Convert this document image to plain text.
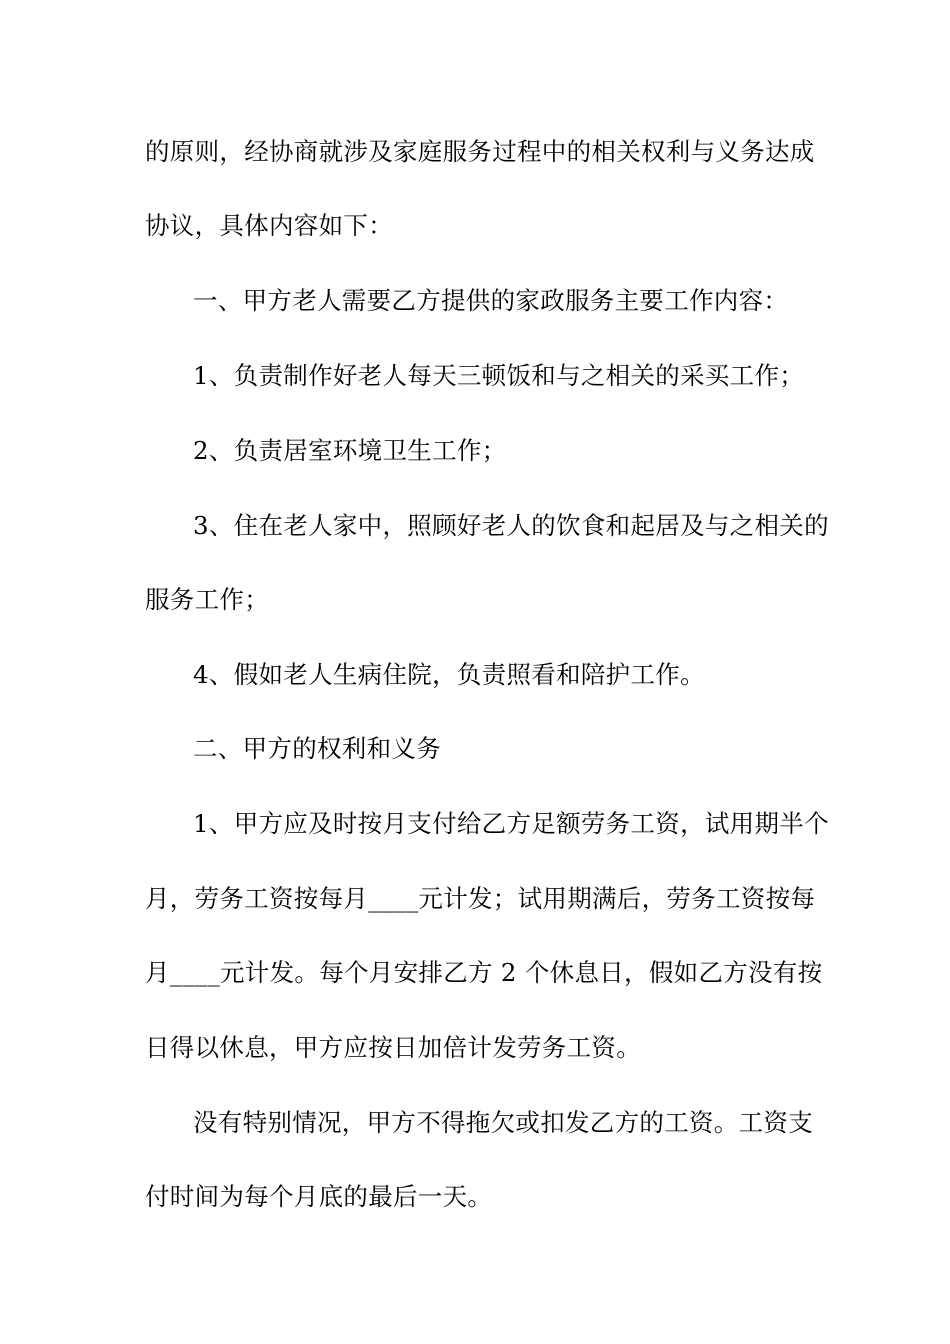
的原则，经协商就涉及家庭服务过程中的相关权利与义务达成
协议，具体内容如下：
一、甲方老人需要乙方提供的家政服务主要工作内容：
1、负责制作好老人每天三顿饭和与之相关的采买工作；
2、负责居室环境卫生工作；
3、住在老人家中，照顾好老人的饮食和起居及与之相关的
服务工作；
4、假如老人生病住院，负责照看和陪护工作。
二、甲方的权利和义务
1、甲方应及时按月支付给乙方足额劳务工资，试用期半个
月，劳务工资按每月____元计发；试用期满后，劳务工资按每
月____元计发。每个月安排乙方 2 个休息日，假如乙方没有按
日得以休息，甲方应按日加倍计发劳务工资。
没有特别情况，甲方不得拖欠或扣发乙方的工资。工资支
付时间为每个月底的最后一天。
